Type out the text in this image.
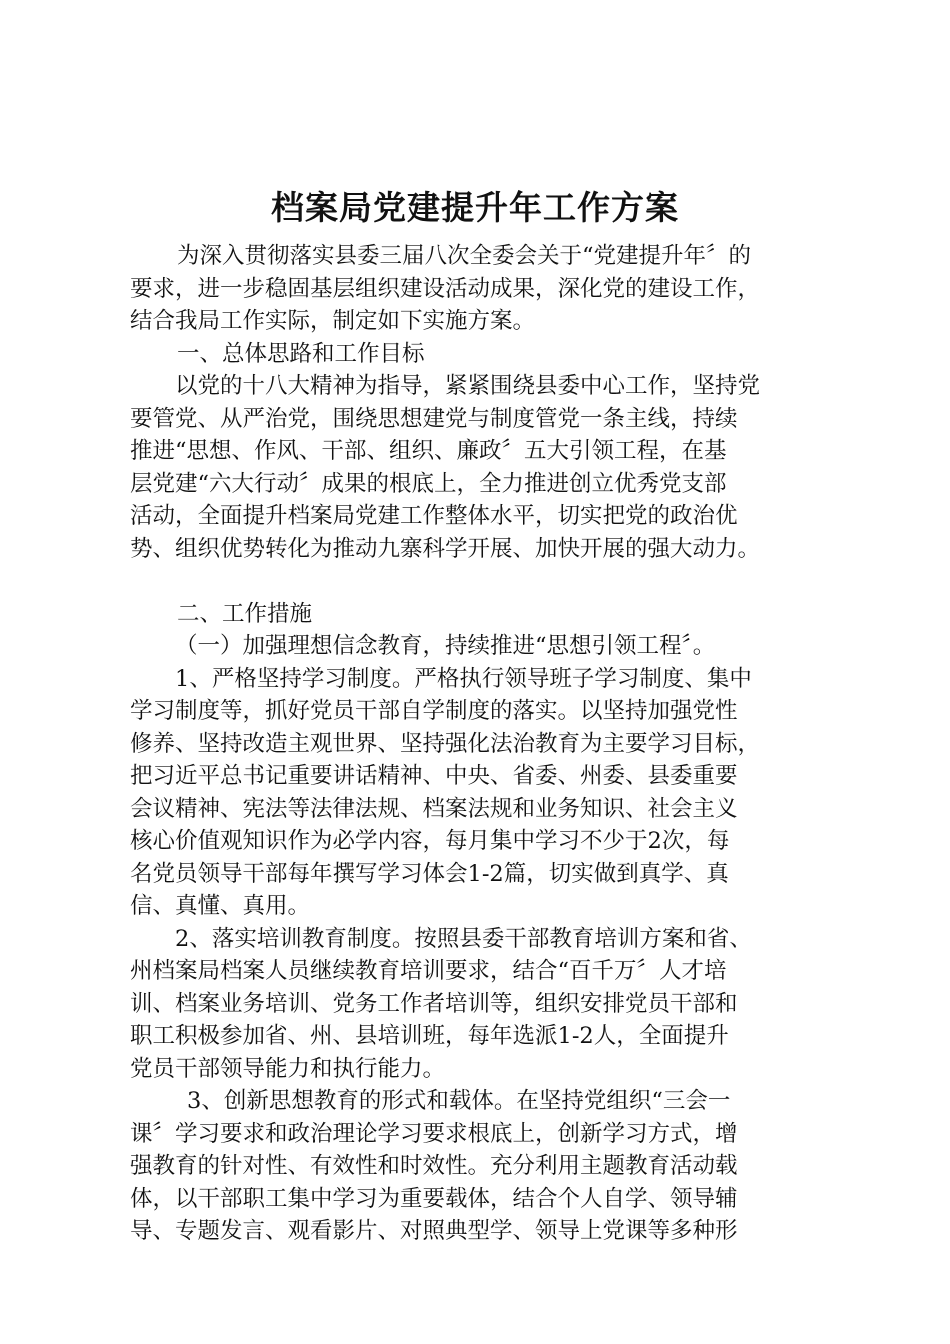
档案局党建提升年工作方案
为深入贯彻落实县委三届八次全委会关于“党建提升年〞的
要求，进一步稳固基层组织建设活动成果，深化党的建设工作，
结合我局工作实际，制定如下实施方案。
一、总体思路和工作目标
以党的十八大精神为指导，紧紧围绕县委中心工作，坚持党
要管党、从严治党，围绕思想建党与制度管党一条主线，持续
推进“思想、作风、干部、组织、廉政〞五大引领工程，在基
层党建“六大行动〞成果的根底上，全力推进创立优秀党支部
活动，全面提升档案局党建工作整体水平，切实把党的政治优
势、组织优势转化为推动九寨科学开展、加快开展的强大动力。
二、工作措施
（一）加强理想信念教育，持续推进“思想引领工程〞。
1、严格坚持学习制度。严格执行领导班子学习制度、集中
学习制度等，抓好党员干部自学制度的落实。以坚持加强党性
修养、坚持改造主观世界、坚持强化法治教育为主要学习目标，
把习近平总书记重要讲话精神、中央、省委、州委、县委重要
会议精神、宪法等法律法规、档案法规和业务知识、社会主义
核心价值观知识作为必学内容，每月集中学习不少于2次，每
名党员领导干部每年撰写学习体会1-2篇，切实做到真学、真
信、真懂、真用。
2、落实培训教育制度。按照县委干部教育培训方案和省、
州档案局档案人员继续教育培训要求，结合“百千万〞人才培
训、档案业务培训、党务工作者培训等，组织安排党员干部和
职工积极参加省、州、县培训班，每年选派1-2人，全面提升
党员干部领导能力和执行能力。
3、创新思想教育的形式和载体。在坚持党组织“三会一
课〞学习要求和政治理论学习要求根底上，创新学习方式，增
强教育的针对性、有效性和时效性。充分利用主题教育活动载
体，以干部职工集中学习为重要载体，结合个人自学、领导辅
导、专题发言、观看影片、对照典型学、领导上党课等多种形
